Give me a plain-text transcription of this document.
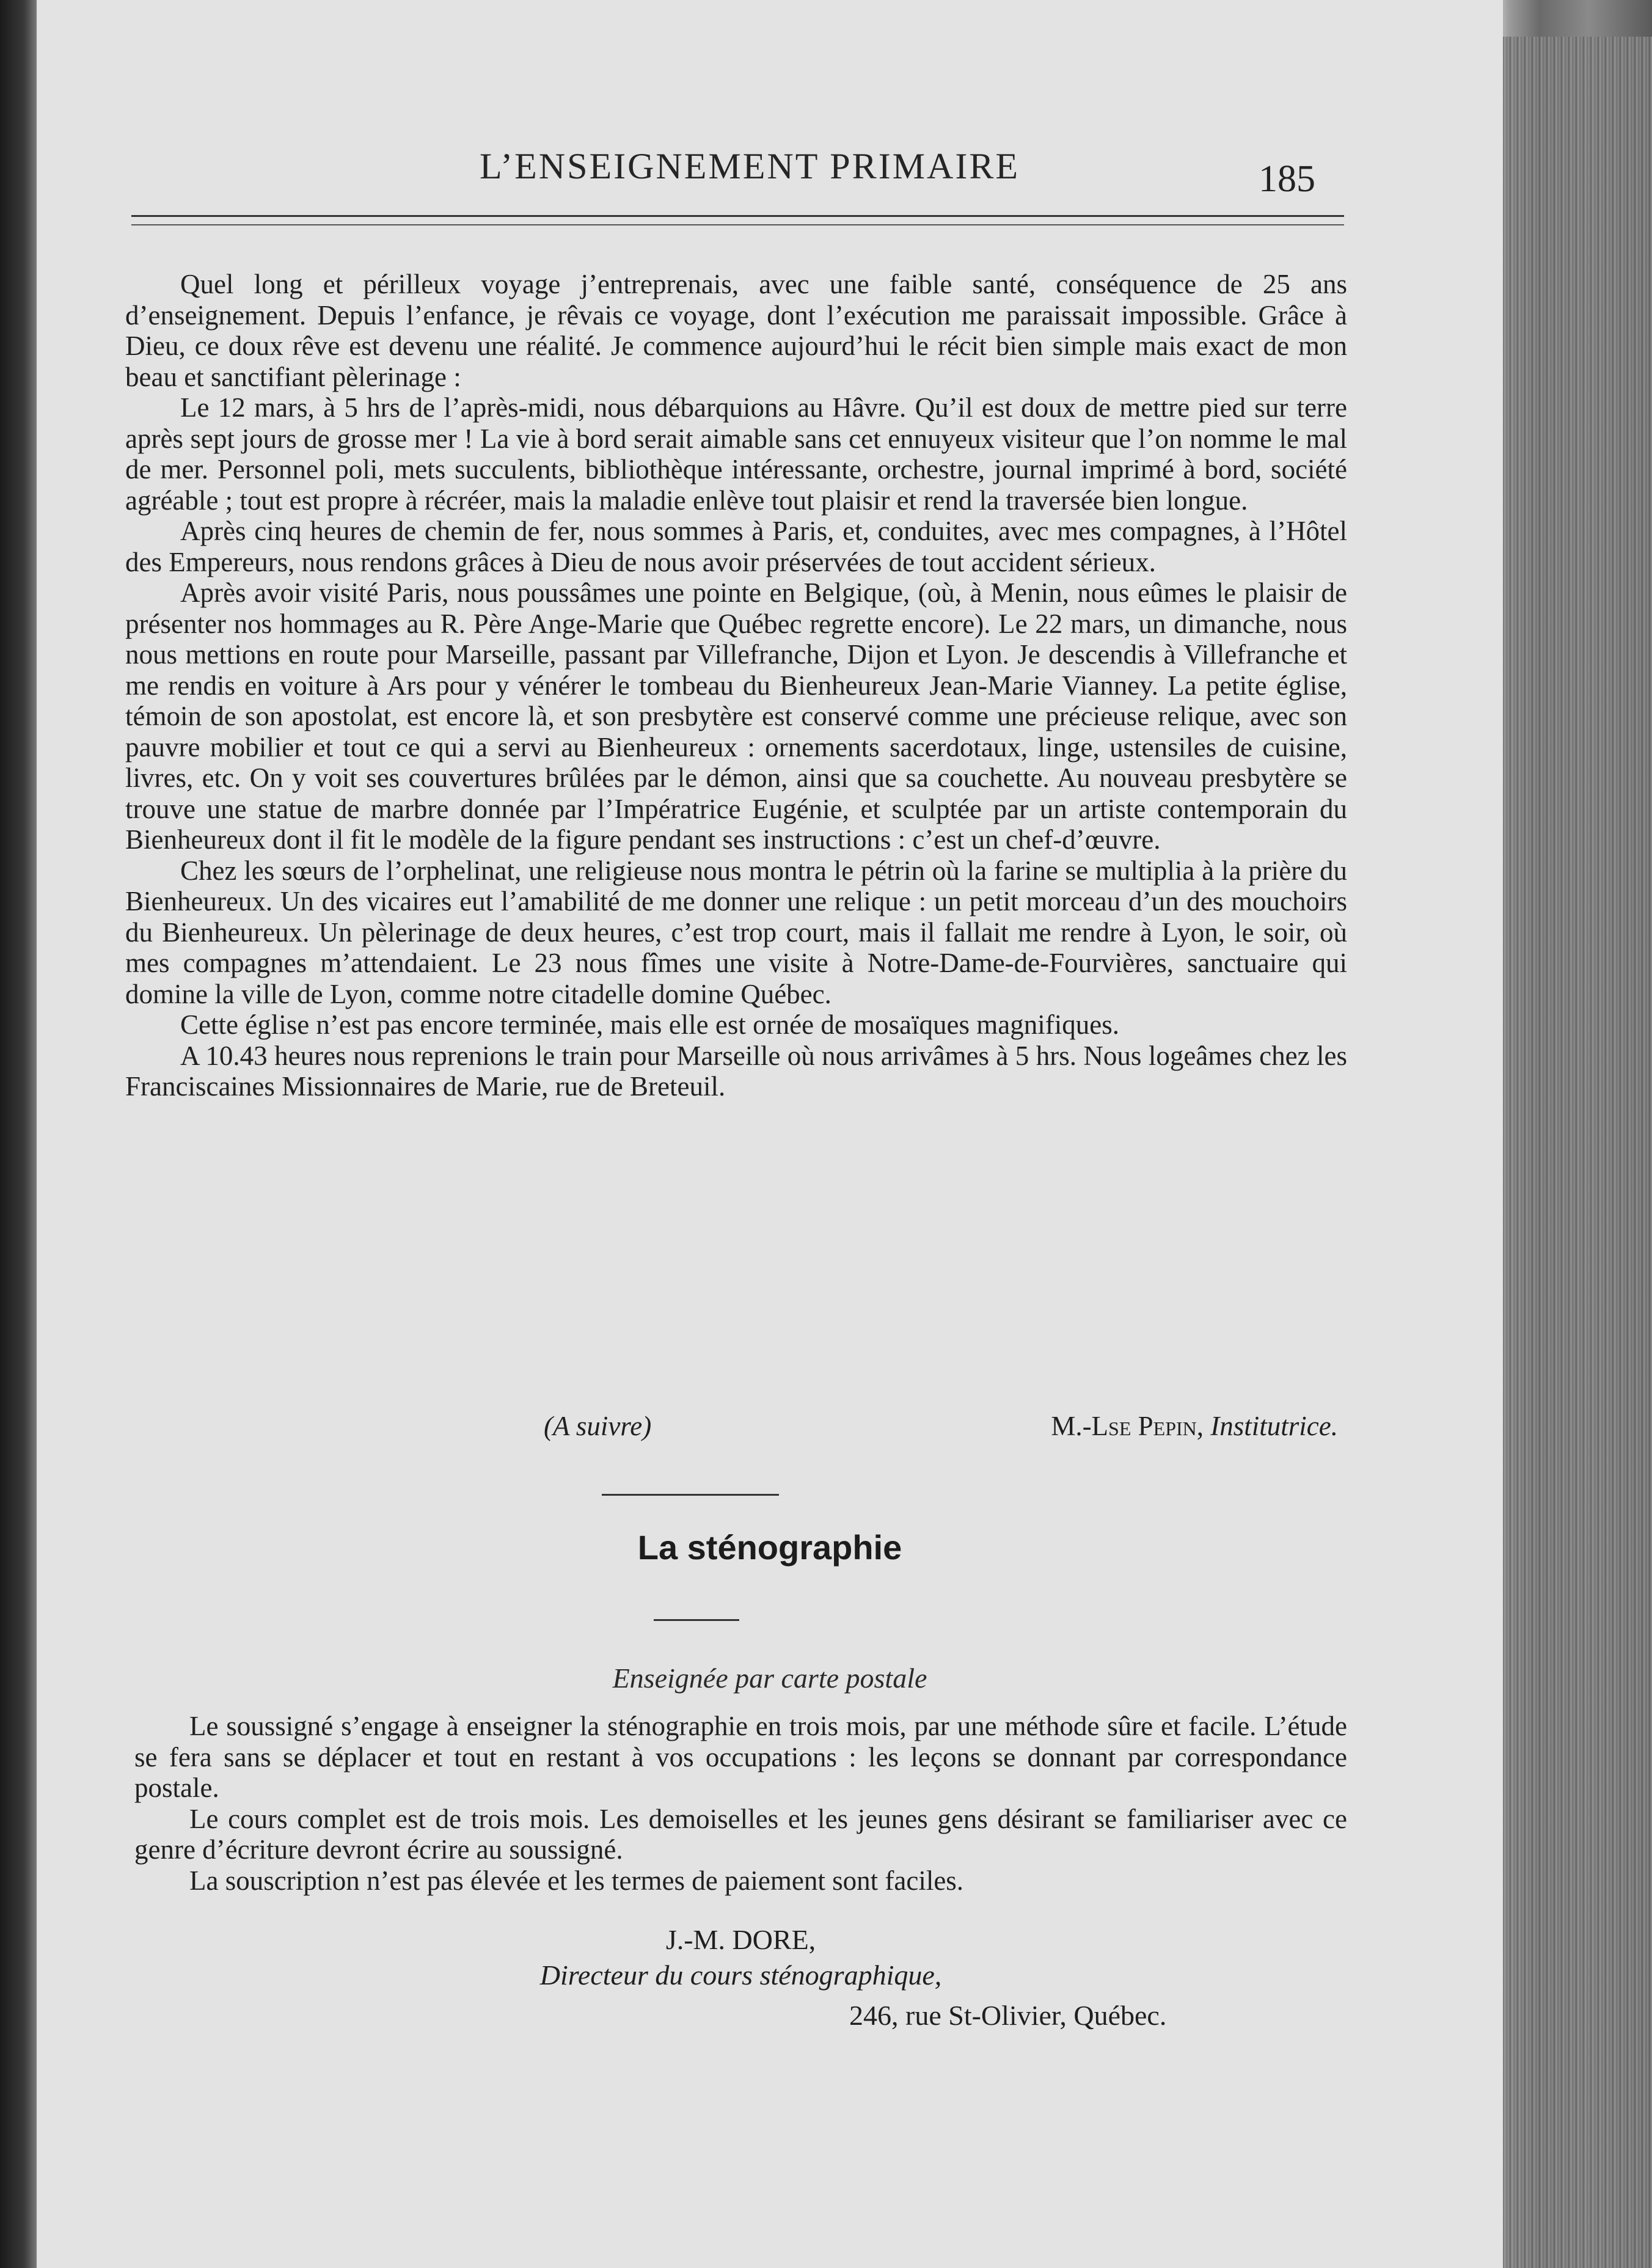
L’ENSEIGNEMENT PRIMAIRE	185

Quel long et périlleux voyage j’entreprenais, avec une faible santé, conséquence de 25 ans d’enseignement. Depuis l’enfance, je rêvais ce voyage, dont l’exécution me paraissait impossible. Grâce à Dieu, ce doux rêve est devenu une réalité. Je commence aujourd’hui le récit bien simple mais exact de mon beau et sanctifiant pèlerinage :

Le 12 mars, à 5 hrs de l’après-midi, nous débarquions au Hâvre. Qu’il est doux de mettre pied sur terre après sept jours de grosse mer ! La vie à bord serait aimable sans cet ennuyeux visiteur que l’on nomme le mal de mer. Personnel poli, mets succulents, bibliothèque intéressante, orchestre, journal imprimé à bord, société agréable ; tout est propre à récréer, mais la maladie enlève tout plaisir et rend la traversée bien longue.

Après cinq heures de chemin de fer, nous sommes à Paris, et, conduites, avec mes compagnes, à l’Hôtel des Empereurs, nous rendons grâces à Dieu de nous avoir préservées de tout accident sérieux.

Après avoir visité Paris, nous poussâmes une pointe en Belgique, (où, à Menin, nous eûmes le plaisir de présenter nos hommages au R. Père Ange-Marie que Québec regrette encore). Le 22 mars, un dimanche, nous nous mettions en route pour Marseille, passant par Villefranche, Dijon et Lyon. Je descendis à Villefranche et me rendis en voiture à Ars pour y vénérer le tombeau du Bienheureux Jean-Marie Vianney. La petite église, témoin de son apostolat, est encore là, et son presbytère est conservé comme une précieuse relique, avec son pauvre mobilier et tout ce qui a servi au Bienheureux : ornements sacerdotaux, linge, ustensiles de cuisine, livres, etc. On y voit ses couvertures brûlées par le démon, ainsi que sa couchette. Au nouveau presbytère se trouve une statue de marbre donnée par l’Impératrice Eugénie, et sculptée par un artiste contemporain du Bienheureux dont il fit le modèle de la figure pendant ses instructions : c’est un chef-d’œuvre.

Chez les sœurs de l’orphelinat, une religieuse nous montra le pétrin où la farine se multiplia à la prière du Bienheureux. Un des vicaires eut l’amabilité de me donner une relique : un petit morceau d’un des mouchoirs du Bienheureux. Un pèlerinage de deux heures, c’est trop court, mais il fallait me rendre à Lyon, le soir, où mes compagnes m’attendaient. Le 23 nous fîmes une visite à Notre-Dame-de-Fourvières, sanctuaire qui domine la ville de Lyon, comme notre citadelle domine Québec.

Cette église n’est pas encore terminée, mais elle est ornée de mosaïques magnifiques.

A 10.43 heures nous reprenions le train pour Marseille où nous arrivâmes à 5 hrs. Nous logeâmes chez les Franciscaines Missionnaires de Marie, rue de Breteuil.

(A suivre)	M.-Lse Pepin, Institutrice.
La sténographie
Enseignée par carte postale

Le soussigné s’engage à enseigner la sténographie en trois mois, par une méthode sûre et facile. L’étude se fera sans se déplacer et tout en restant à vos occupations : les leçons se donnant par correspondance postale.

Le cours complet est de trois mois. Les demoiselles et les jeunes gens désirant se familiariser avec ce genre d’écriture devront écrire au soussigné.

La souscription n’est pas élevée et les termes de paiement sont faciles.

J.-M. DORE,
Directeur du cours sténographique,
246, rue St-Olivier, Québec.
